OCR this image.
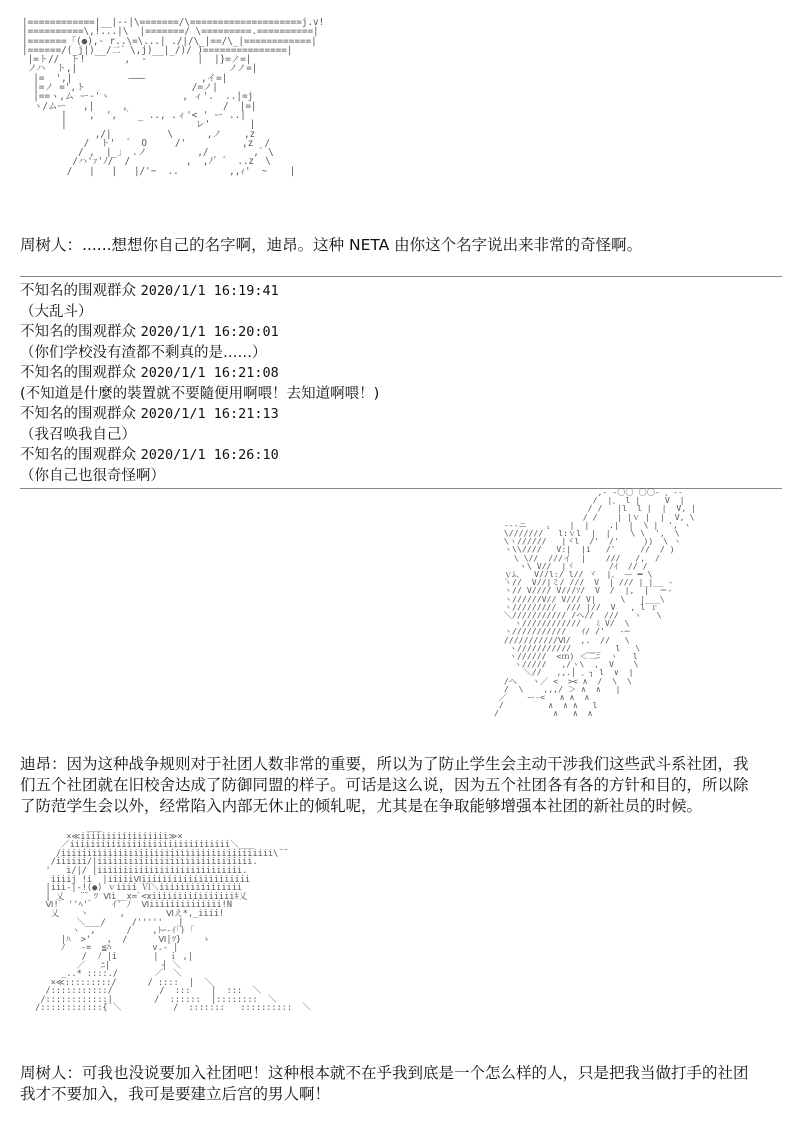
|============|__|--|\=======/\====================j.v!
|==========\,!...|\  |=======/ \=========.==========|
|=======「(●),- r..\=\...| ./|/\_|==/\_|============|
|======/(_j|)__/二゛\,j)__|_/)/ )===============|
|=ト//  ト!       ,  -         |  |}=ノ=|
ノハ  ト,|                           ノノ=|
|=  ',|          ―――          ,イ=|
|=ノ =',ト                   /=ノ|
|==ヽ,ム ー‐'ヽ             , ィ'.  ..|=j
ヽ/ムー   ,|     ,                 /  |=|
|    ,  ', ｀ _ .., .ィ'< ' ー ..|
|                       レ'       |
,/|          \      ,ノ    ,z
/  ト'  ゛ O     /'          ,z  /
/ ,  |_」 .ノ         ,/        ,゛\
/ハ'ｧ'ﾉ/  /          ,  ,ﾉ゛゛ ..z  \
/   |   |   |/'~  ..         ,,ｨ'  ~    |
周树人：......想想你自己的名字啊，迪昂。这种 NETA 由你这个名字说出来非常的奇怪啊。
不知名的围观群众 2020/1/1 16:19:41
（大乱斗）
不知名的围观群众 2020/1/1 16:20:01
（你们学校没有渣都不剩真的是……）
不知名的围观群众 2020/1/1 16:21:08
(不知道是什麼的裝置就不要隨便用啊喂！去知道啊喂！)
不知名的围观群众 2020/1/1 16:21:13
（我召唤我自己）
不知名的围观群众 2020/1/1 16:26:10
（你自己也很奇怪啊）
,- -〇〇 〇〇- 、--
/  |、 l |     V  |
/ /   |l  l |  |  V, |
/ /    | |ｖ |  |  V, \
---ニ    〟   |  |    .|  |  \ |  ', ヽ
\///////   l:ｖl  |  |    \ \  ',  \
\ヽ//////   |ヾl  /'  /'     ))  \ ヽ
ヽ\\////   V:|  |i   /'     //  / )
\ \//  ///イ  |    ///   /,  /
ヽ\ V//  |ヾ       /ｲ  // /
ｙﾑ、  V//l:/ l// ヾ  |、 ー ━ \
ヽ//  V//|ミ/ ///  V  | /// |_|__ ‐
ヽ// V//// V///ｿ/  V  /  |,  |  ＝‐
ヽ//////V// V/// V|     \   |___\
ヽ/////////  /// |//  V   , l ｒ
＼/////////// /ヘ//  ///   ヽ   \
ヽ////////////   ﾐ V/  \
ヽ///////////   ｲ/ /'   ‐─
///////////Ⅵ/  ,.  //   \
ヽ///////////   ___   l   \
ヽ//////  <ｍ) ＜二ﾆ  ヽ   l
ヽ/////   ,/ヽ\  ,  V    \
＼//   ,,.│ 、┐ l  ∨  |
/ヘ   ヽ／ <  >< ∧  /  \  \
/  \    ,,,/ ＞ ∧  ∧   |
／    ー‐<   ∧ ∧  ∧
/         ∧  ∧ ∧   l
/           ∧   ∧  ∧
迪昂：因为这种战争规则对于社团人数非常的重要，所以为了防止学生会主动干涉我们这些武斗系社团，我
们五个社团就在旧校舍达成了防御同盟的样子。可话是这么说，因为五个社团各有各的方针和目的，所以除
了防范学生会以外，经常陷入内部无休止的倾轧呢，尤其是在争取能够增强本社团的新社员的时候。
___
×≪iiiiiiiiiiiiiiiii≫×
／iiiiiiiiiiiiiiiiiiiiiiiiiiiiiii＼___
/iiiiiiiiiiiiiiiiiiiiiiiiiiiiiiiiiiiiiiiii\¨¨
/iiiiii/|iiiiiiiiiiiiiiiiiiiiiiiiiiiiii.
'   i/|/ |iiiiiiiiiiiiiiiiiiiiiiiiiiii.
iiiij !i  |iiiiiⅥiiiiiiiiiiiiiiiiiiiii
|iii-|-!(●) ｖiiii Ⅵ＼iiiiiiiiiiiiiiii
| 乂   ¨゛ﾂ Ⅵi__x=ﾞ<xiiiiiiiiiiiiiiiiｷ乂
Ⅵ!ﾞ ''ﾍ'゛   ｲ' ﾉ  Ⅵiiiiiiiiiiiiii!N
乂    ヽ      ,        Ⅵえ*,_iiii!
＼___/     /'''''   |
ヽ  ,      /    ,ﾄｰ-ｲ｢) ｢
|ﾊ  >'   ,  /      Ⅵ|ﾂ}    ゝ
ﾉ   -=  ≦ﾊ        v.- |
/  ﾉ |i       |  ｉ ,|
／   ﾆ|          ┤ ＼
_..* ::::./       ／  ＼
×≪:::::::::/      / ::::  |  ＼
/:::::::::::/         /  :::    |  :::  ＼
/::::::::::::|        /  ::::::  |::::::::  ＼
/::::::::::::{ ＼          /  :::::::   ::::::::::  ＼
周树人：可我也没说要加入社团吧！这种根本就不在乎我到底是一个怎么样的人，只是把我当做打手的社团
我才不要加入，我可是要建立后宫的男人啊！
